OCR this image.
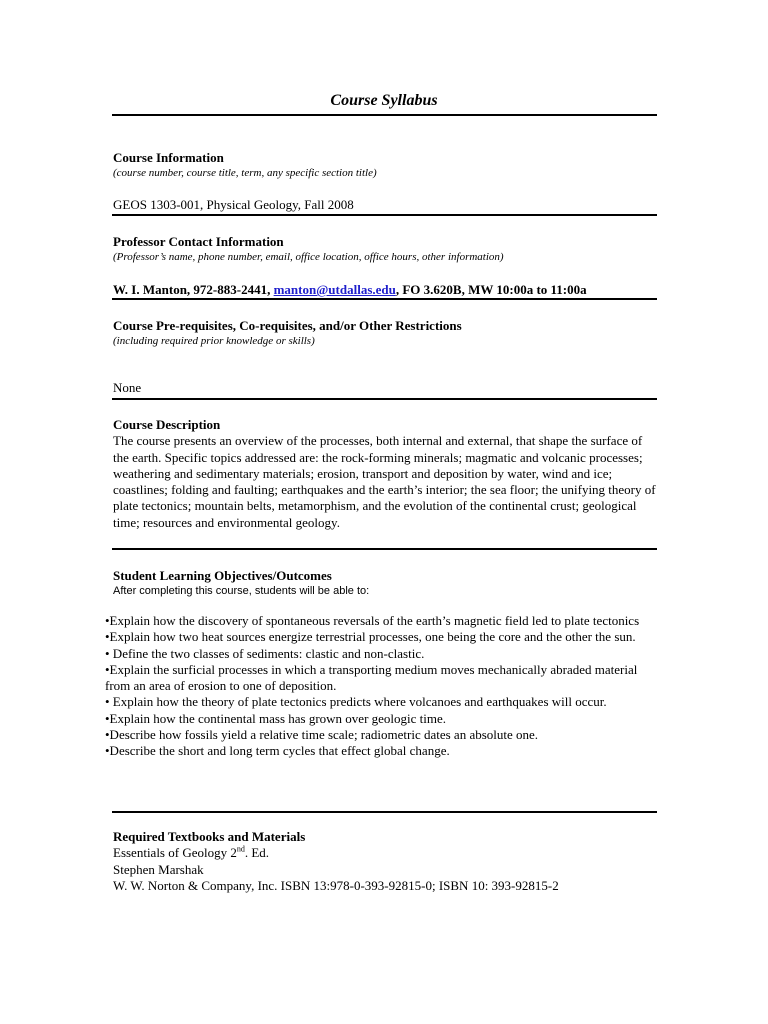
Course Syllabus
Course Information
(course number, course title, term, any specific section title)
GEOS 1303-001, Physical Geology, Fall 2008
Professor Contact Information
(Professor’s name, phone number, email, office location, office hours, other information)
W. I. Manton, 972-883-2441, manton@utdallas.edu, FO 3.620B, MW 10:00a to 11:00a
Course Pre-requisites, Co-requisites, and/or Other Restrictions
(including required prior knowledge or skills)
None
Course Description
The course presents an overview of the processes, both internal and external, that shape the surface of the earth. Specific topics addressed are: the rock-forming minerals; magmatic and volcanic processes; weathering and sedimentary materials; erosion, transport and deposition by water, wind and ice; coastlines; folding and faulting; earthquakes and the earth’s interior; the sea floor; the unifying theory of plate tectonics; mountain belts, metamorphism, and the evolution of the continental crust; geological time; resources and environmental geology.
Student Learning Objectives/Outcomes
After completing this course, students will be able to:
•Explain how the discovery of spontaneous reversals of the earth’s magnetic field led to plate tectonics
•Explain how two heat sources energize terrestrial processes, one being the core and the other the sun.
• Define the two classes of sediments: clastic and non-clastic.
•Explain the surficial processes in which a transporting medium moves mechanically abraded material from an area of erosion to one of deposition.
• Explain how the theory of plate tectonics predicts where volcanoes and earthquakes will occur.
•Explain how the continental mass has grown over geologic time.
•Describe how fossils yield a relative time scale; radiometric dates an absolute one.
•Describe the short and long term cycles that effect global change.
Required Textbooks and Materials
Essentials of Geology 2nd. Ed.
Stephen Marshak
W. W. Norton & Company, Inc. ISBN 13:978-0-393-92815-0; ISBN 10: 393-92815-2
